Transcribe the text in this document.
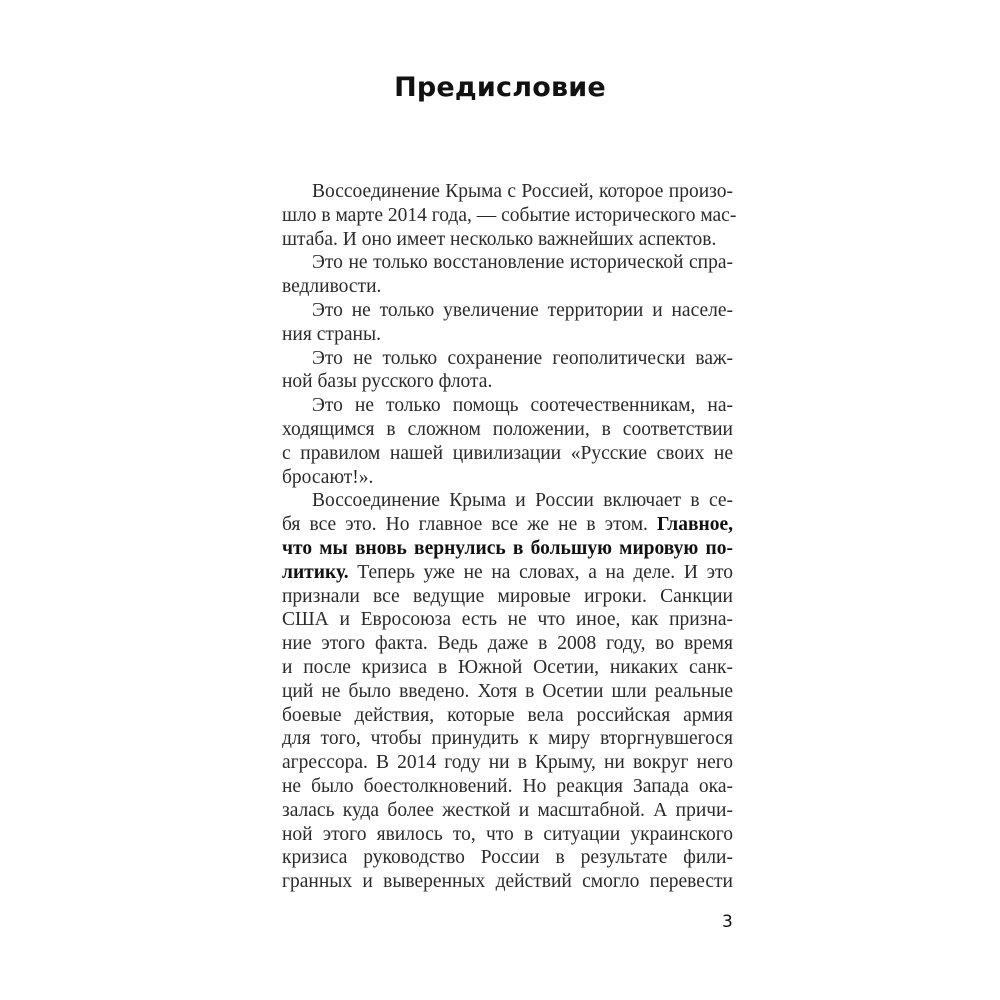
Предисловие
Воссоединение Крыма с Россией, которое произо-
шло в марте 2014 года, — событие исторического мас-
штаба. И оно имеет несколько важнейших аспектов.
Это не только восстановление исторической спра-
ведливости.
Это не только увеличение территории и населе-
ния страны.
Это не только сохранение геополитически важ-
ной базы русского флота.
Это не только помощь соотечественникам, на-
ходящимся в сложном положении, в соответствии
с правилом нашей цивилизации «Русские своих не
бросают!».
Воссоединение Крыма и России включает в се-
бя все это. Но главное все же не в этом. Главное,
что мы вновь вернулись в большую мировую по-
литику. Теперь уже не на словах, а на деле. И это
признали все ведущие мировые игроки. Санкции
США и Евросоюза есть не что иное, как призна-
ние этого факта. Ведь даже в 2008 году, во время
и после кризиса в Южной Осетии, никаких санк-
ций не было введено. Хотя в Осетии шли реальные
боевые действия, которые вела российская армия
для того, чтобы принудить к миру вторгнувшегося
агрессора. В 2014 году ни в Крыму, ни вокруг него
не было боестолкновений. Но реакция Запада ока-
залась куда более жесткой и масштабной. А причи-
ной этого явилось то, что в ситуации украинского
кризиса руководство России в результате фили-
гранных и выверенных действий смогло перевести
3
